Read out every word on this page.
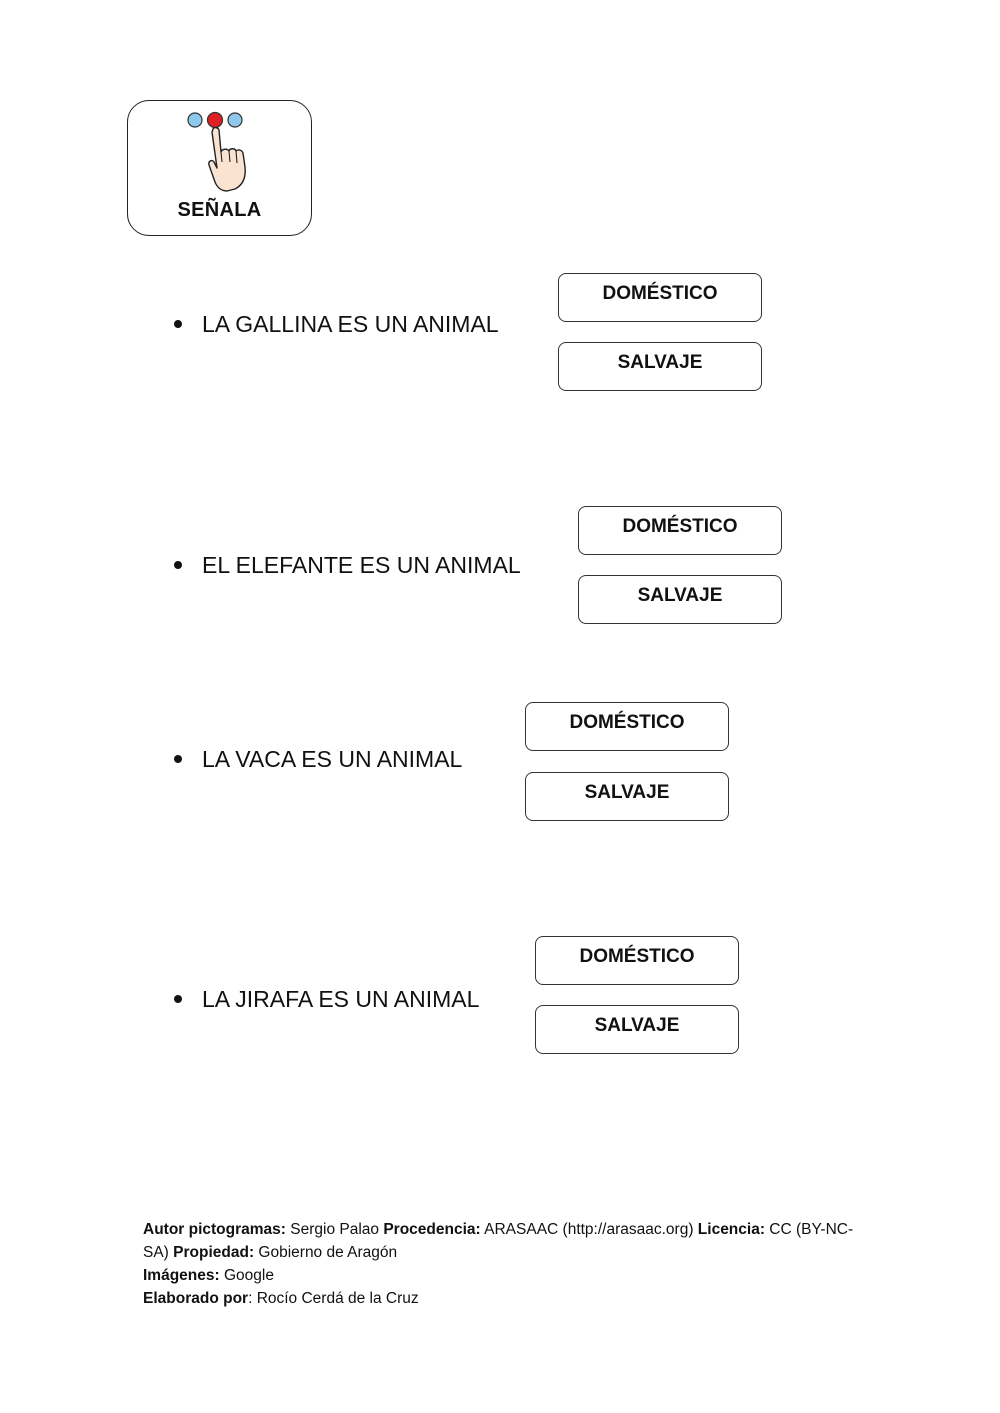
SEÑALA
LA GALLINA ES UN ANIMAL
DOMÉSTICO
SALVAJE
EL ELEFANTE ES UN ANIMAL
DOMÉSTICO
SALVAJE
LA VACA ES UN ANIMAL
DOMÉSTICO
SALVAJE
LA JIRAFA ES UN ANIMAL
DOMÉSTICO
SALVAJE
Autor pictogramas: Sergio Palao Procedencia: ARASAAC (http://arasaac.org) Licencia: CC (BY-NC-SA) Propiedad: Gobierno de Aragón
Imágenes: Google
Elaborado por: Rocío Cerdá de la Cruz
